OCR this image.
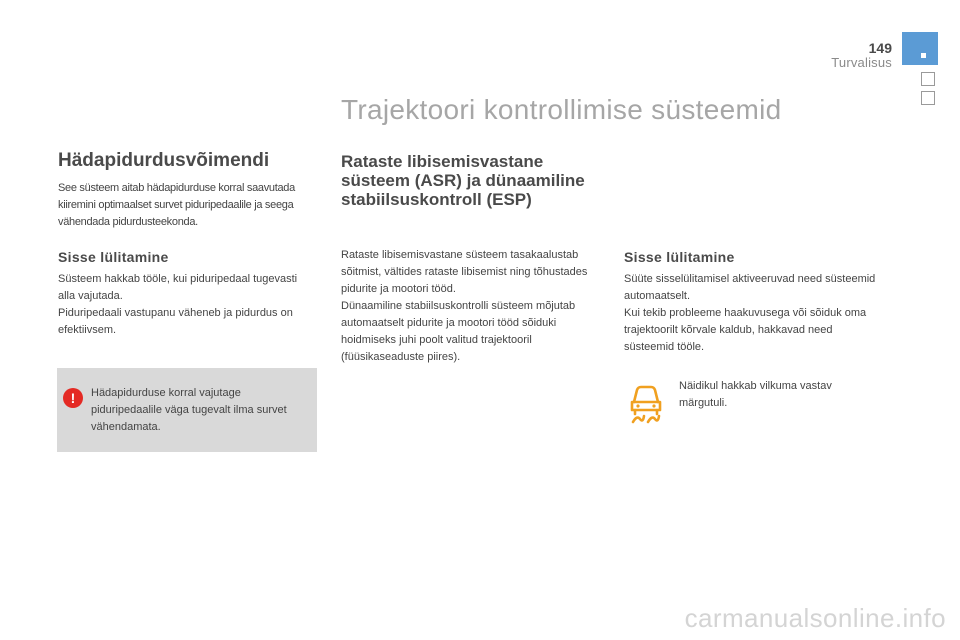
149
Turvalisus
Trajektoori kontrollimise süsteemid
Hädapidurdusvõimendi
See süsteem aitab hädapidurduse korral saavutada kiiremini optimaalset survet piduripedaalile ja seega vähendada pidurdusteekonda.
Sisse lülitamine

Süsteem hakkab tööle, kui piduripedaal tugevasti alla vajutada.

Piduripedaali vastupanu väheneb ja pidurdus on efektiivsem.

!	Hädapidurduse korral vajutage piduripedaalile väga tugevalt ilma survet vähendamata.
Rataste libisemisvastane süsteem (ASR) ja dünaamiline stabiilsuskontroll (ESP)

Rataste libisemisvastane süsteem tasakaalustab sõitmist, vältides rataste libisemist ning tõhustades pidurite ja mootori tööd.

Dünaamiline stabiilsuskontrolli süsteem mõjutab automaatselt pidurite ja mootori tööd sõiduki hoidmiseks juhi poolt valitud trajektooril (füüsikaseaduste piires).

Sisse lülitamine

Süüte sisselülitamisel aktiveeruvad need süsteemid automaatselt.

Kui tekib probleeme haakuvusega või sõiduk oma trajektoorilt kõrvale kaldub, hakkavad need süsteemid tööle.

Näidikul hakkab vilkuma vastav märgutuli.
carmanualsonline.info
